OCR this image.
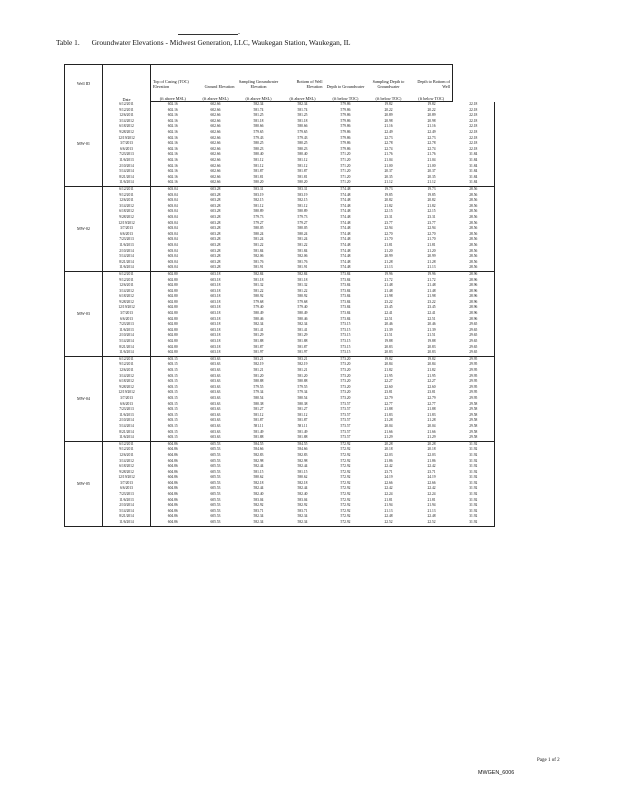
-
Table 1. Groundwater Elevations - Midwest Generation, LLC, Waukegan Station, Waukegan, IL
Well ID	Date	Top of Casing (TOC) Elevation	Ground Elevation	Sampling Groundwater Elevation	Bottom of Well Elevation	Depth to Groundwater	Sampling Depth to Groundwater	Depth to Bottom of Well
		(ft above MSL)	(ft above MSL)	(ft above MSL)	(ft above MSL)	(ft below TOC)	(ft below TOC)	(ft below TOC)
MW-01	6/12/2011	602.16	602.66	582.34	582.34	579.86	19.82	19.82	22.18
	9/12/2011	602.16	602.66	581.74	581.74	579.86	20.22	20.22	22.18
	12/6/2011	602.16	602.66	581.25	581.25	579.86	20.89	20.89	22.18
	3/14/2012	602.16	602.66	581.18	581.18	579.86	20.98	20.98	22.18
	6/18/2012	602.16	602.66	580.66	580.66	579.86	21.16	21.16	22.18
	9/28/2012	602.16	602.66	579.65	579.65	579.86	22.49	22.49	22.18
	12/19/2012	602.16	602.66	579.43	579.43	579.86	22.73	22.73	22.18
	3/7/2013	602.16	602.66	580.25	580.25	579.86	22.78	22.78	22.18
	6/6/2013	602.16	602.66	580.23	580.23	579.86	22.74	22.74	22.18
	7/23/2013	602.16	602.66	580.40	580.40	571.20	21.76	21.76	31.84
	11/6/2013	602.16	602.66	581.12	581.12	571.20	21.04	21.04	31.84
	2/10/2014	602.16	602.66	581.12	581.12	571.20	21.00	21.00	31.84
	5/14/2014	602.16	602.66	581.87	581.87	571.20	20.37	20.37	31.84
	8/21/2014	602.16	602.66	581.81	581.81	571.20	20.35	20.35	31.84
	11/6/2014	602.16	602.66	580.20	580.20	571.20	21.12	21.12	31.84
MW-02	6/12/2011	603.04	603.28	583.31	583.31	574.48	19.73	19.73	28.56
	9/12/2011	603.04	603.28	583.19	583.19	574.48	19.85	19.85	28.56
	12/6/2011	603.04	603.28	582.15	582.15	574.48	20.82	20.82	28.56
	3/14/2012	603.04	603.28	581.12	581.12	574.48	21.82	21.82	28.56
	6/18/2012	603.04	603.28	580.89	580.89	574.48	22.15	22.15	28.56
	9/28/2012	603.04	603.28	579.73	579.73	574.48	23.31	23.31	28.56
	12/19/2012	603.04	603.28	579.27	579.27	574.48	23.77	23.77	28.56
	3/7/2013	603.04	603.28	580.05	580.05	574.48	22.94	22.94	28.56
	6/6/2013	603.04	603.28	580.24	580.24	574.48	22.70	22.70	28.56
	7/23/2013	603.04	603.28	581.24	581.24	574.48	21.70	21.70	28.56
	11/6/2013	603.04	603.28	581.22	581.22	574.48	21.81	21.81	28.56
	2/10/2014	603.04	603.28	581.84	581.84	574.48	21.20	21.20	28.56
	5/14/2014	603.04	603.28	582.06	582.06	574.48	20.99	20.99	28.56
	8/21/2014	603.04	603.28	581.76	581.76	574.48	21.28	21.28	28.56
	11/6/2014	603.04	603.28	581.91	581.91	574.48	21.13	21.13	28.56
MW-03	6/12/2011	602.80	603.18	582.84	582.84	573.84	19.96	19.96	28.96
	9/12/2011	602.80	603.18	581.18	581.18	573.84	21.72	21.72	28.96
	12/6/2011	602.80	603.18	581.32	581.32	573.84	21.48	21.48	28.96
	3/14/2012	602.80	603.18	581.22	581.22	573.84	21.48	21.48	28.96
	6/18/2012	602.80	603.18	580.92	580.92	573.84	21.98	21.98	28.96
	9/28/2012	602.80	603.18	579.68	579.68	573.84	23.22	23.22	28.96
	12/19/2012	602.80	603.18	579.40	579.40	573.84	23.45	23.45	28.96
	3/7/2013	602.80	603.18	580.49	580.49	573.84	22.41	22.41	28.96
	6/6/2013	602.80	603.18	580.46	580.46	573.84	22.51	22.51	28.96
	7/23/2013	602.80	603.18	582.34	582.34	573.15	20.46	20.46	29.65
	11/6/2013	602.80	603.18	581.41	581.41	573.15	21.39	21.39	29.65
	2/10/2014	602.80	603.18	581.29	581.29	573.15	21.51	21.51	29.65
	5/14/2014	602.80	603.18	581.88	581.88	573.15	19.88	19.88	29.65
	8/21/2014	602.80	603.18	581.87	581.87	573.15	20.83	20.83	29.65
	11/6/2014	602.80	603.18	581.97	581.97	573.15	20.83	20.83	29.65
MW-04	6/12/2011	603.15	603.63	583.21	583.21	573.20	19.82	19.82	29.95
	9/12/2011	603.15	603.63	582.19	582.19	573.20	20.84	20.84	29.95
	12/6/2011	603.15	603.63	581.21	581.21	573.20	21.82	21.82	29.95
	3/14/2012	603.15	603.63	581.20	581.20	573.20	21.95	21.95	29.95
	6/18/2012	603.15	603.63	580.88	580.88	573.20	22.27	22.27	29.95
	9/28/2012	603.15	603.63	579.55	579.55	573.20	22.60	22.60	29.95
	12/19/2012	603.15	603.63	579.34	579.34	573.20	23.81	23.81	29.95
	3/7/2013	603.15	603.63	580.54	580.54	573.20	22.79	22.79	29.95
	6/6/2013	603.15	603.63	580.38	580.38	573.57	22.77	22.77	29.58
	7/23/2013	603.15	603.63	581.27	581.27	573.57	21.88	21.88	29.58
	11/6/2013	603.15	603.63	581.12	581.12	573.57	21.83	21.83	29.58
	2/10/2014	603.15	603.63	581.87	581.87	573.57	21.28	21.28	29.58
	5/14/2014	603.15	603.63	581.11	581.11	573.57	20.04	20.04	29.58
	8/21/2014	603.15	603.63	581.49	581.49	573.57	21.66	21.66	29.58
	11/6/2014	603.15	603.63	581.88	581.88	573.57	21.29	21.29	29.58
MW-05	6/12/2011	604.86	605.53	584.55	584.55	572.92	20.28	20.28	31.92
	9/12/2011	604.86	605.53	584.66	584.66	572.92	20.18	20.18	31.92
	12/6/2011	604.86	605.53	582.83	582.83	572.92	22.03	22.03	31.92
	3/14/2012	604.86	605.53	582.98	582.98	572.92	21.86	21.86	31.92
	6/18/2012	604.86	605.53	582.44	582.44	572.92	22.42	22.42	31.92
	9/28/2012	604.86	605.53	581.15	581.15	572.92	23.71	23.71	31.92
	12/19/2012	604.86	605.53	580.62	580.62	572.92	24.19	24.19	31.92
	3/7/2013	604.86	605.53	582.18	582.18	572.92	22.66	22.66	31.92
	6/6/2013	604.86	605.53	582.44	582.44	572.92	22.42	22.42	31.92
	7/23/2013	604.86	605.53	582.40	582.40	572.92	22.24	22.24	31.92
	11/6/2013	604.86	605.53	583.04	583.04	572.92	21.81	21.81	31.92
	2/10/2014	604.86	605.53	582.92	582.92	572.92	21.94	21.94	31.92
	5/14/2014	604.86	605.53	583.71	583.71	572.92	21.13	21.13	31.92
	8/21/2014	604.86	605.53	582.34	582.34	572.92	22.48	22.48	31.92
	11/6/2014	604.86	605.53	582.34	582.34	572.92	22.52	22.52	31.92
Page 1 of 2
MWGEN_6006
